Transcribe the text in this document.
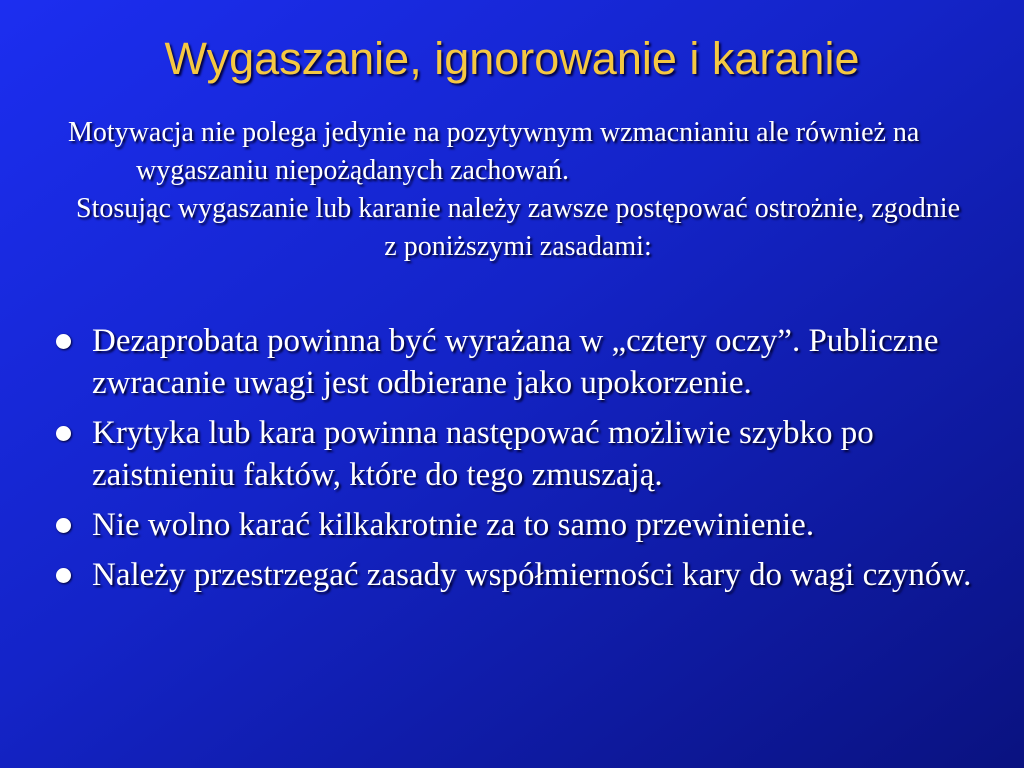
Wygaszanie, ignorowanie i karanie

Motywacja nie polega jedynie na pozytywnym wzmacnianiu ale również na wygaszaniu niepożądanych zachowań.

Stosując wygaszanie lub karanie należy zawsze postępować ostrożnie, zgodnie z poniższymi zasadami:

Dezaprobata powinna być wyrażana w „cztery oczy”. Publiczne zwracanie uwagi jest odbierane jako upokorzenie.
Krytyka lub kara powinna następować możliwie szybko po zaistnieniu faktów, które do tego zmuszają.
Nie wolno karać kilkakrotnie za to samo przewinienie.
Należy przestrzegać zasady współmierności kary do wagi czynów.
